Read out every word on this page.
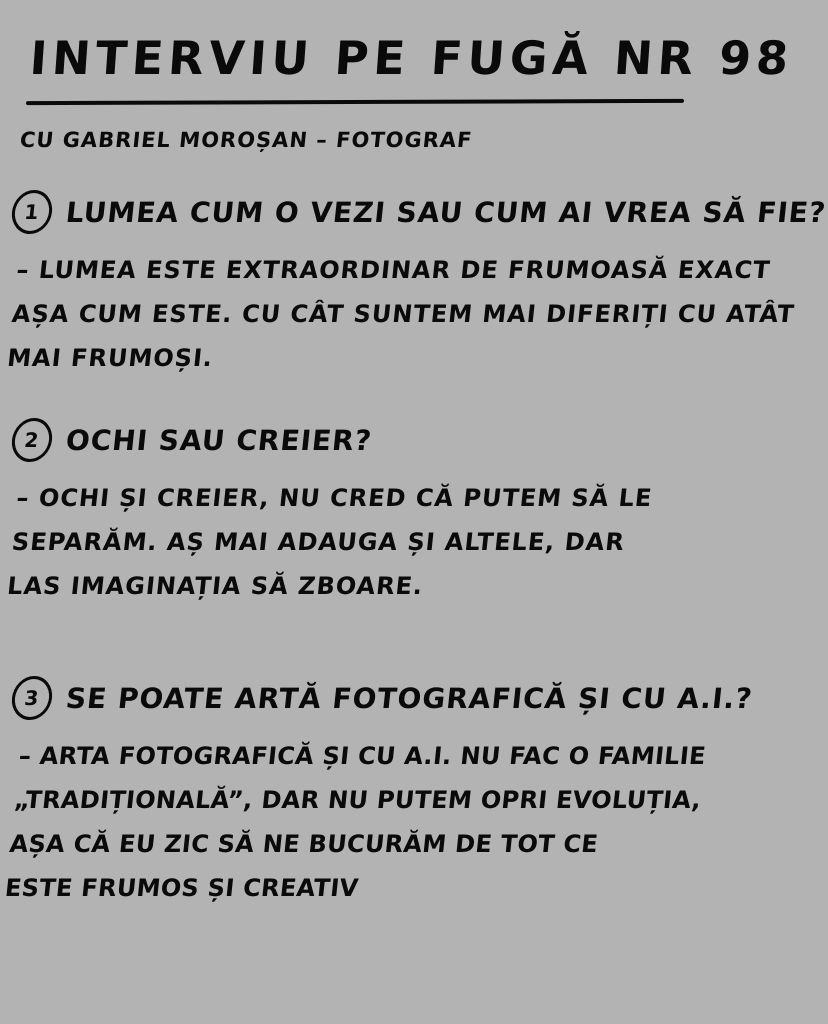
INTERVIU PE FUGĂ NR 98
CU GABRIEL MOROȘAN – FOTOGRAF
1 LUMEA CUM O VEZI SAU CUM AI VREA SĂ FIE?
– LUMEA ESTE EXTRAORDINAR DE FRUMOASĂ EXACT
AȘA CUM ESTE. CU CÂT SUNTEM MAI DIFERIȚI CU ATÂT
MAI FRUMOȘI.
2 OCHI SAU CREIER?
– OCHI ȘI CREIER, NU CRED CĂ PUTEM SĂ LE
SEPARĂM. AȘ MAI ADAUGA ȘI ALTELE, DAR
LAS IMAGINAȚIA SĂ ZBOARE.
3 SE POATE ARTĂ FOTOGRAFICĂ ȘI CU A.I.?
– ARTA FOTOGRAFICĂ ȘI CU A.I. NU FAC O FAMILIE
„TRADIȚIONALĂ”, DAR NU PUTEM OPRI EVOLUȚIA,
AȘA CĂ EU ZIC SĂ NE BUCURĂM DE TOT CE
ESTE FRUMOS ȘI CREATIV
